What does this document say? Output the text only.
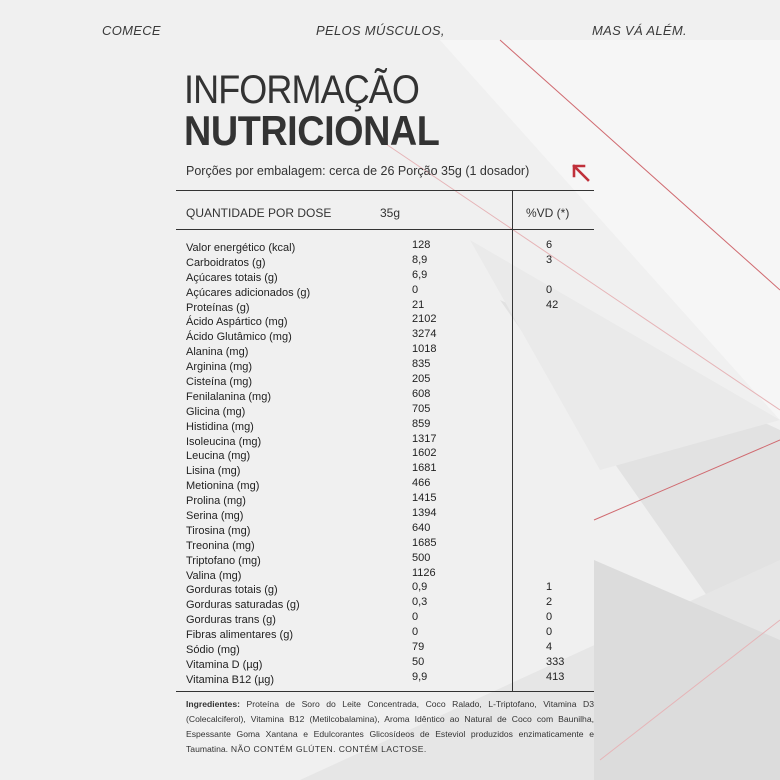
COMECE	PELOS MÚSCULOS,	MAS VÁ ALÉM.
INFORMAÇÃO
NUTRICIONAL
Porções por embalagem: cerca de 26 Porção 35g (1 dosador)
QUANTIDADE POR DOSE	35g	%VD (*)
Valor energético (kcal)	128	6
Carboidratos (g)	8,9	3
Açúcares totais (g)	6,9
Açúcares adicionados (g)	0	0
Proteínas (g)	21	42
Ácido Aspártico (mg)	2102
Ácido Glutâmico (mg)	3274
Alanina (mg)	1018
Arginina (mg)	835
Cisteína (mg)	205
Fenilalanina (mg)	608
Glicina (mg)	705
Histidina (mg)	859
Isoleucina (mg)	1317
Leucina (mg)	1602
Lisina (mg)	1681
Metionina (mg)	466
Prolina (mg)	1415
Serina (mg)	1394
Tirosina (mg)	640
Treonina (mg)	1685
Triptofano (mg)	500
Valina (mg)	1126
Gorduras totais (g)	0,9	1
Gorduras saturadas (g)	0,3	2
Gorduras trans (g)	0	0
Fibras alimentares (g)	0	0
Sódio (mg)	79	4
Vitamina D (µg)	50	333
Vitamina B12 (µg)	9,9	413
Ingredientes: Proteína de Soro do Leite Concentrada, Coco Ralado, L-Triptofano, Vitamina D3 (Colecalciferol), Vitamina B12 (Metilcobalamina), Aroma Idêntico ao Natural de Coco com Baunilha, Espessante Goma Xantana e Edulcorantes Glicosídeos de Esteviol produzidos enzimaticamente e Taumatina. NÃO CONTÉM GLÚTEN. CONTÉM LACTOSE.
